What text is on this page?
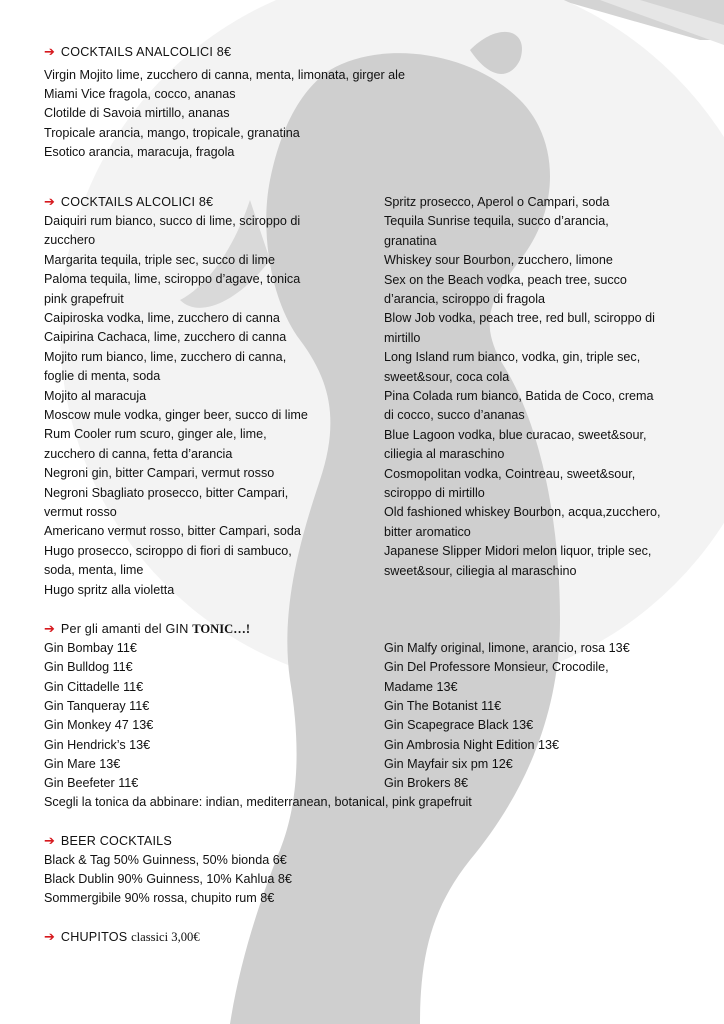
➔ COCKTAILS ANALCOLICI 8€
Virgin Mojito lime, zucchero di canna, menta, limonata, girger ale
Miami Vice fragola, cocco, ananas
Clotilde di Savoia mirtillo, ananas
Tropicale arancia, mango, tropicale, granatina
Esotico arancia, maracuja, fragola
➔ COCKTAILS ALCOLICI 8€
Daiquiri rum bianco, succo di lime, sciroppo di
zucchero
Margarita tequila, triple sec, succo di lime
Paloma tequila, lime, sciroppo d’agave, tonica
pink grapefruit
Caipiroska vodka, lime, zucchero di canna
Caipirina Cachaca, lime, zucchero di canna
Mojito rum bianco, lime, zucchero di canna,
foglie di menta, soda
Mojito al maracuja
Moscow mule vodka, ginger beer, succo di lime
Rum Cooler rum scuro, ginger ale, lime,
zucchero di canna, fetta d’arancia
Negroni gin, bitter Campari, vermut rosso
Negroni Sbagliato prosecco, bitter Campari,
vermut rosso
Americano vermut rosso, bitter Campari, soda
Hugo prosecco, sciroppo di fiori di sambuco,
soda, menta, lime
Hugo spritz alla violetta
Spritz prosecco, Aperol o Campari, soda
Tequila Sunrise tequila, succo d’arancia,
granatina
Whiskey sour Bourbon, zucchero, limone
Sex on the Beach vodka, peach tree, succo
d’arancia, sciroppo di fragola
Blow Job vodka, peach tree, red bull, sciroppo di
mirtillo
Long Island rum bianco, vodka, gin, triple sec,
sweet&sour, coca cola
Pina Colada rum bianco, Batida de Coco, crema
di cocco, succo d’ananas
Blue Lagoon vodka, blue curacao, sweet&sour,
ciliegia al maraschino
Cosmopolitan vodka, Cointreau, sweet&sour,
sciroppo di mirtillo
Old fashioned whiskey Bourbon, acqua,zucchero,
bitter aromatico
Japanese Slipper Midori melon liquor, triple sec,
sweet&sour, ciliegia al maraschino
➔ Per gli amanti del GIN TONIC…!
Gin Bombay 11€
Gin Bulldog 11€
Gin Cittadelle 11€
Gin Tanqueray 11€
Gin Monkey 47 13€
Gin Hendrick’s 13€
Gin Mare 13€
Gin Beefeter 11€
Gin Malfy original, limone, arancio, rosa 13€
Gin Del Professore Monsieur, Crocodile,
Madame 13€
Gin The Botanist 11€
Gin Scapegrace Black 13€
Gin Ambrosia Night Edition 13€
Gin Mayfair six pm 12€
Gin Brokers 8€
Scegli la tonica da abbinare: indian, mediterranean, botanical, pink grapefruit
➔ BEER COCKTAILS
Black & Tag 50% Guinness, 50% bionda 6€
Black Dublin 90% Guinness, 10% Kahlua 8€
Sommergibile 90% rossa, chupito rum 8€
➔ CHUPITOS classici 3,00€
